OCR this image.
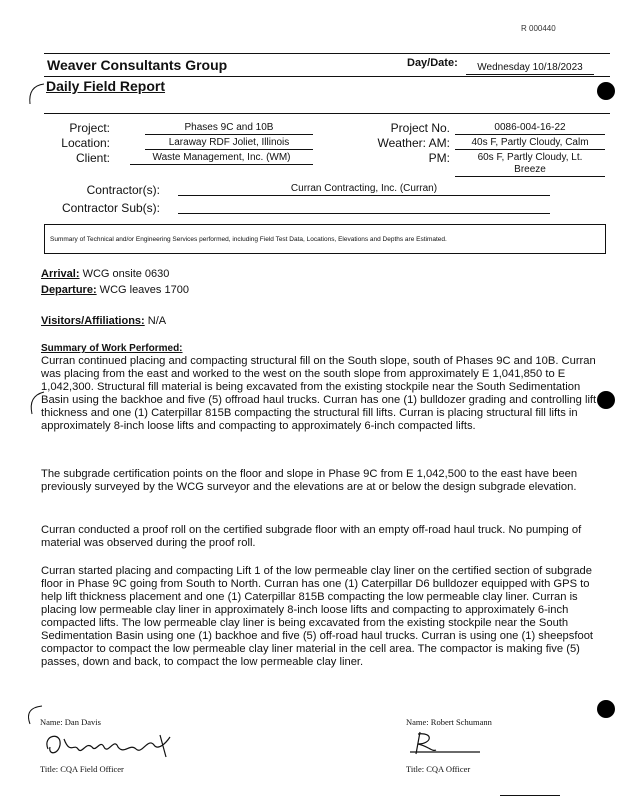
R 000440
Weaver Consultants Group	Day/Date:	Wednesday 10/18/2023
Daily Field Report
Project:	Phases 9C and 10B
Location:	Laraway RDF Joliet, Illinois
Client:	Waste Management, Inc. (WM)
Project No.	0086-004-16-22
Weather: AM:	40s F, Partly Cloudy, Calm
PM:	60s F, Partly Cloudy, Lt.
Breeze
Contractor(s):	Curran Contracting, Inc. (Curran)
Contractor Sub(s):
Summary of Technical and/or Engineering Services performed, including Field Test Data, Locations, Elevations and Depths are Estimated.
Arrival: WCG onsite 0630
Departure: WCG leaves 1700
Visitors/Affiliations: N/A
Summary of Work Performed:
Curran continued placing and compacting structural fill on the South slope, south of Phases 9C and 10B. Curran was placing from the east and worked to the west on the south slope from approximately E 1,041,850 to E 1,042,300. Structural fill material is being excavated from the existing stockpile near the South Sedimentation Basin using the backhoe and five (5) offroad haul trucks. Curran has one (1) bulldozer grading and controlling lift thickness and one (1) Caterpillar 815B compacting the structural fill lifts. Curran is placing structural fill lifts in approximately 8-inch loose lifts and compacting to approximately 6-inch compacted lifts.
The subgrade certification points on the floor and slope in Phase 9C from E 1,042,500 to the east have been previously surveyed by the WCG surveyor and the elevations are at or below the design subgrade elevation.
Curran conducted a proof roll on the certified subgrade floor with an empty off-road haul truck. No pumping of material was observed during the proof roll.
Curran started placing and compacting Lift 1 of the low permeable clay liner on the certified section of subgrade floor in Phase 9C going from South to North. Curran has one (1) Caterpillar D6 bulldozer equipped with GPS to help lift thickness placement and one (1) Caterpillar 815B compacting the low permeable clay liner. Curran is placing low permeable clay liner in approximately 8-inch loose lifts and compacting to approximately 6-inch compacted lifts. The low permeable clay liner is being excavated from the existing stockpile near the South Sedimentation Basin using one (1) backhoe and five (5) off-road haul trucks. Curran is using one (1) sheepsfoot compactor to compact the low permeable clay liner material in the cell area. The compactor is making five (5) passes, down and back, to compact the low permeable clay liner.
Name: Dan Davis
Title: CQA Field Officer
Name: Robert Schumann
Title: CQA Officer
